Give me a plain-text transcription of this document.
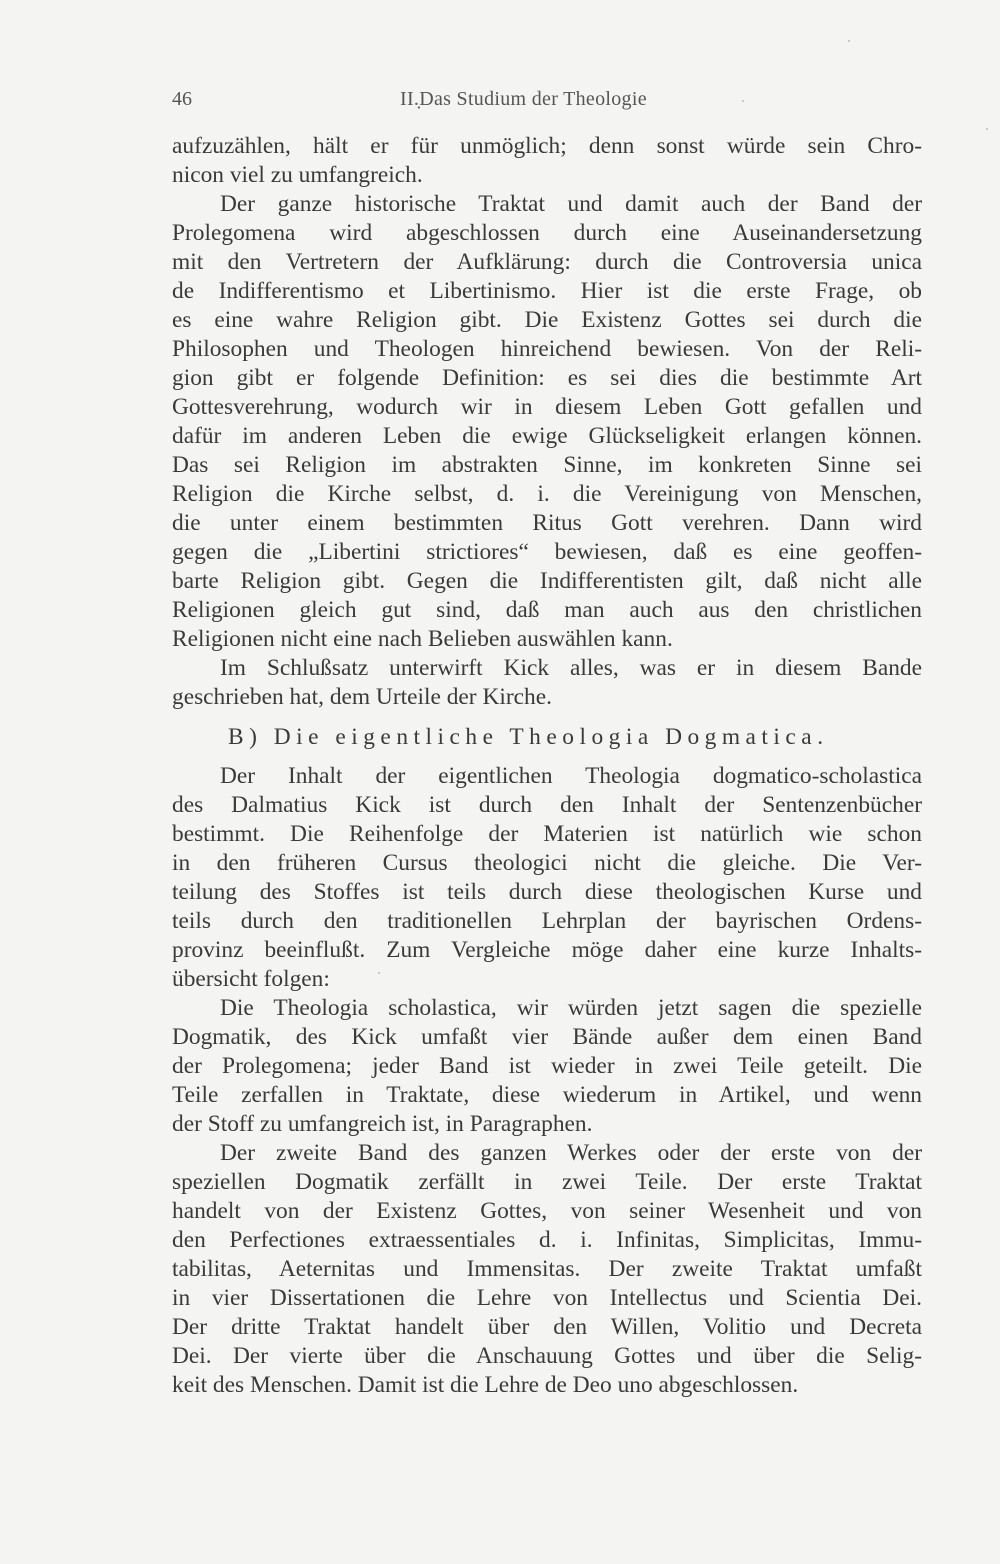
46	II.̣Das Studium der Theologie

aufzuzählen, hält er für unmöglich; denn sonst würde sein Chro-
nicon viel zu umfangreich.

Der ganze historische Traktat und damit auch der Band der
Prolegomena wird abgeschlossen durch eine Auseinandersetzung
mit den Vertretern der Aufklärung: durch die Controversia unica
de Indifferentismo et Libertinismo. Hier ist die erste Frage, ob
es eine wahre Religion gibt. Die Existenz Gottes sei durch die
Philosophen und Theologen hinreichend bewiesen. Von der Reli-
gion gibt er folgende Definition: es sei dies die bestimmte Art
Gottesverehrung, wodurch wir in diesem Leben Gott gefallen und
dafür im anderen Leben die ewige Glückseligkeit erlangen können.
Das sei Religion im abstrakten Sinne, im konkreten Sinne sei
Religion die Kirche selbst, d. i. die Vereinigung von Menschen,
die unter einem bestimmten Ritus Gott verehren. Dann wird
gegen die „Libertini strictiores“ bewiesen, daß es eine geoffen-
barte Religion gibt. Gegen die Indifferentisten gilt, daß nicht alle
Religionen gleich gut sind, daß man auch aus den christlichen
Religionen nicht eine nach Belieben auswählen kann.

Im Schlußsatz unterwirft Kick alles, was er in diesem Bande
geschrieben hat, dem Urteile der Kirche.

B) Die eigentliche Theologia Dogmatica.

Der Inhalt der eigentlichen Theologia dogmatico-scholastica
des Dalmatius Kick ist durch den Inhalt der Sentenzenbücher
bestimmt. Die Reihenfolge der Materien ist natürlich wie schon
in den früheren Cursus theologici nicht die gleiche. Die Ver-
teilung des Stoffes ist teils durch diese theologischen Kurse und
teils durch den traditionellen Lehrplan der bayrischen Ordens-
provinz beeinflußt. Zum Vergleiche möge daher eine kurze Inhalts-
übersicht folgen:

Die Theologia scholastica, wir würden jetzt sagen die spezielle
Dogmatik, des Kick umfaßt vier Bände außer dem einen Band
der Prolegomena; jeder Band ist wieder in zwei Teile geteilt. Die
Teile zerfallen in Traktate, diese wiederum in Artikel, und wenn
der Stoff zu umfangreich ist, in Paragraphen.

Der zweite Band des ganzen Werkes oder der erste von der
speziellen Dogmatik zerfällt in zwei Teile. Der erste Traktat
handelt von der Existenz Gottes, von seiner Wesenheit und von
den Perfectiones extraessentiales d. i. Infinitas, Simplicitas, Immu-
tabilitas, Aeternitas und Immensitas. Der zweite Traktat umfaßt
in vier Dissertationen die Lehre von Intellectus und Scientia Dei.
Der dritte Traktat handelt über den Willen, Volitio und Decreta
Dei. Der vierte über die Anschauung Gottes und über die Selig-
keit des Menschen. Damit ist die Lehre de Deo uno abgeschlossen.
